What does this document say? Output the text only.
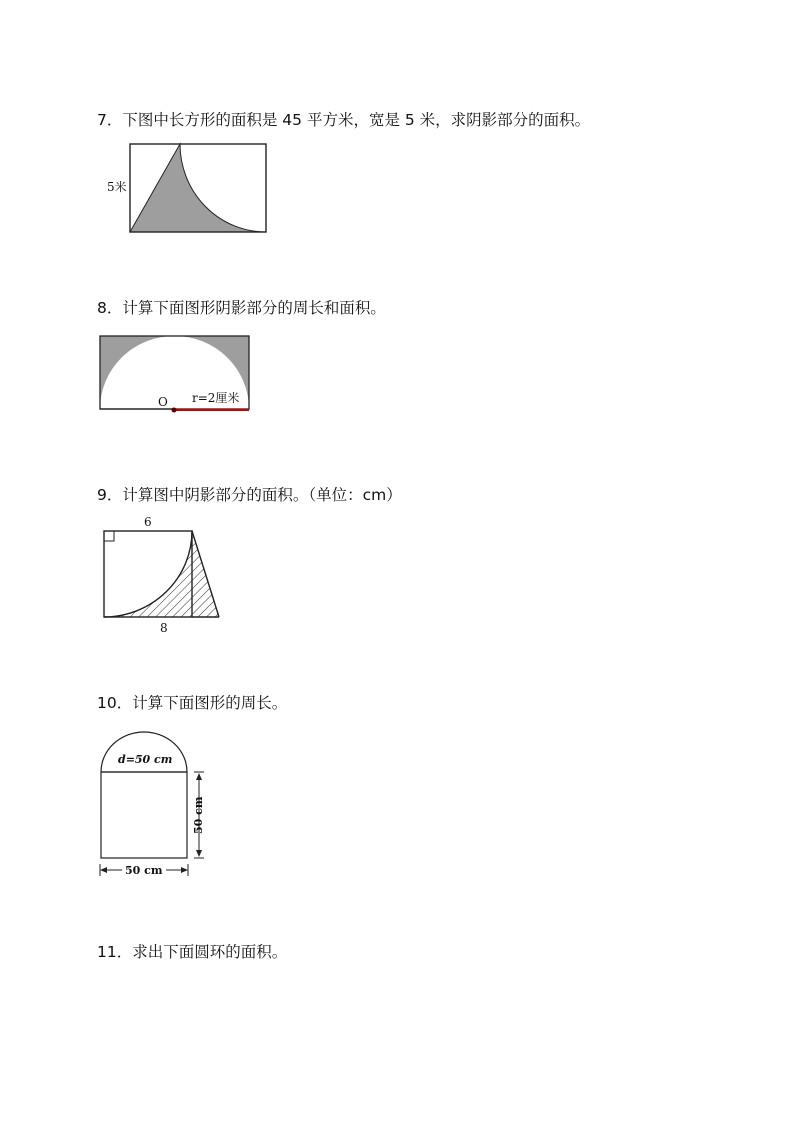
7．下图中长方形的面积是 45 平方米，宽是 5 米，求阴影部分的面积。
5米
8．计算下面图形阴影部分的周长和面积。
O r=2厘米
9．计算图中阴影部分的面积。（单位：cm）
6
8
10．计算下面图形的周长。
d=50 cm
50 cm
50 cm
11．求出下面圆环的面积。
